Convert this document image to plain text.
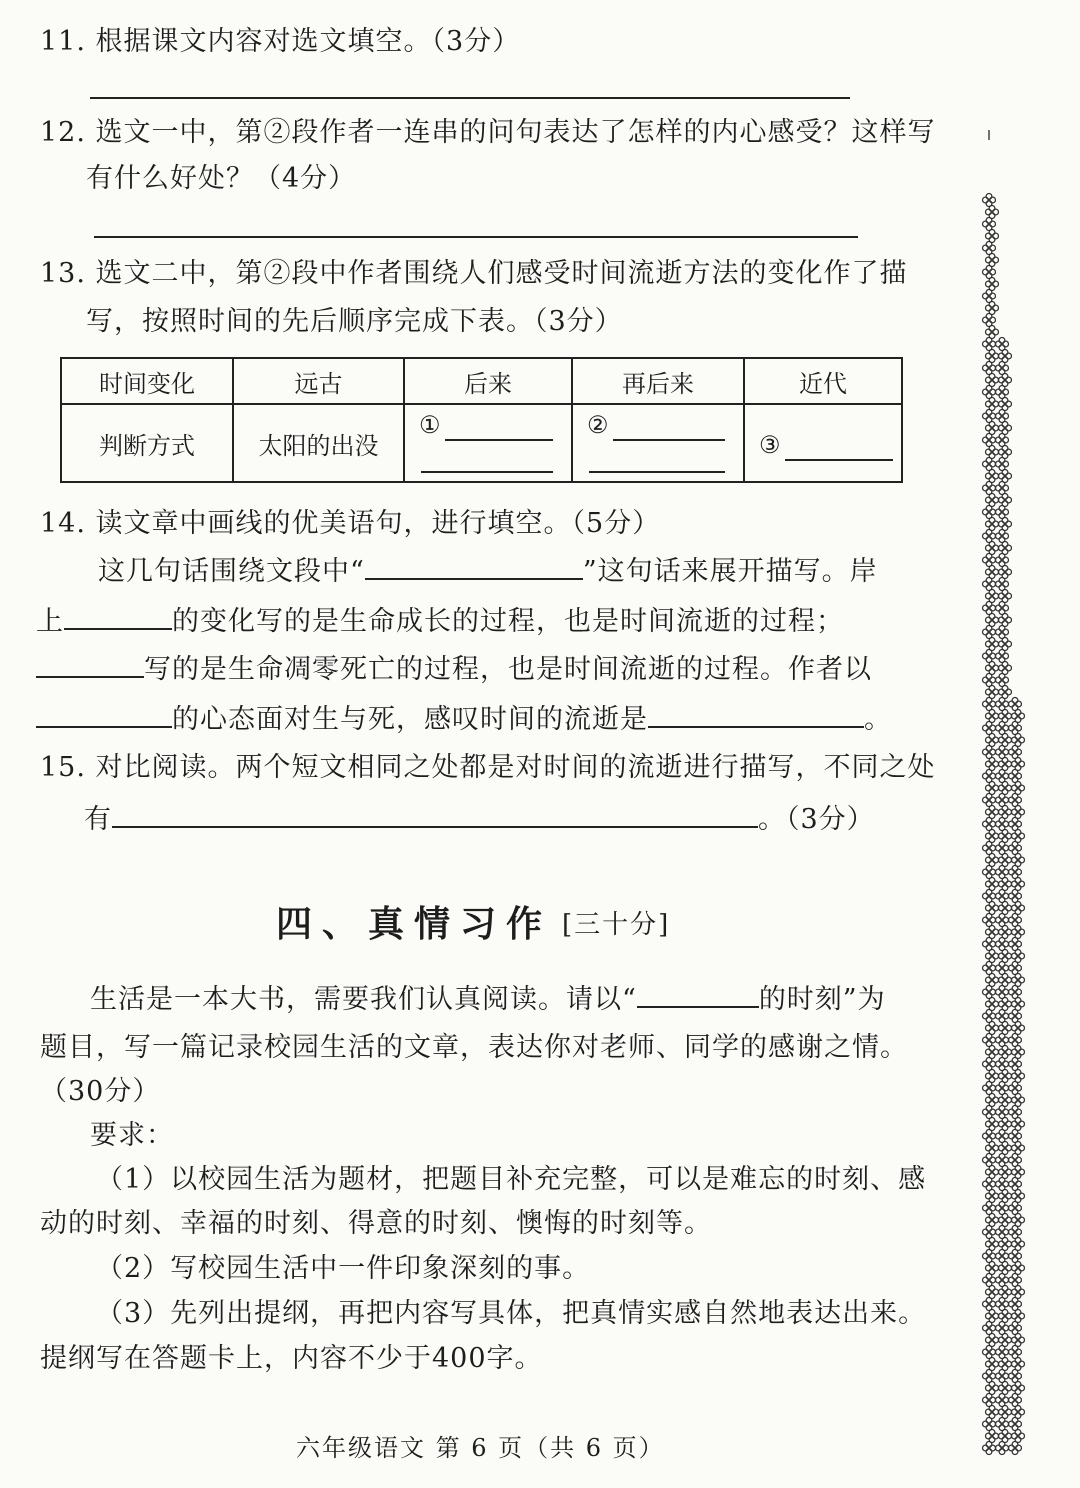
11. 根据课文内容对选文填空。（3分）
12. 选文一中，第②段作者一连串的问句表达了怎样的内心感受？这样写
有什么好处？（4分）
13. 选文二中，第②段中作者围绕人们感受时间流逝方法的变化作了描
写，按照时间的先后顺序完成下表。（3分）
时间变化	远古	后来	再后来	近代
判断方式	太阳的出没	①	②	③
14. 读文章中画线的优美语句，进行填空。（5分）
这几句话围绕文段中“	”这句话来展开描写。岸
上	的变化写的是生命成长的过程，也是时间流逝的过程；
写的是生命凋零死亡的过程，也是时间流逝的过程。作者以
的心态面对生与死，感叹时间的流逝是	。
15. 对比阅读。两个短文相同之处都是对时间的流逝进行描写，不同之处
有	。（3分）
四、真情习作 [三十分]
生活是一本大书，需要我们认真阅读。请以“	的时刻”为
题目，写一篇记录校园生活的文章，表达你对老师、同学的感谢之情。
（30分）
要求：
（1）以校园生活为题材，把题目补充完整，可以是难忘的时刻、感
动的时刻、幸福的时刻、得意的时刻、懊悔的时刻等。
（2）写校园生活中一件印象深刻的事。
（3）先列出提纲，再把内容写具体，把真情实感自然地表达出来。
提纲写在答题卡上，内容不少于400字。
六年级语文 第 6 页（共 6 页）
